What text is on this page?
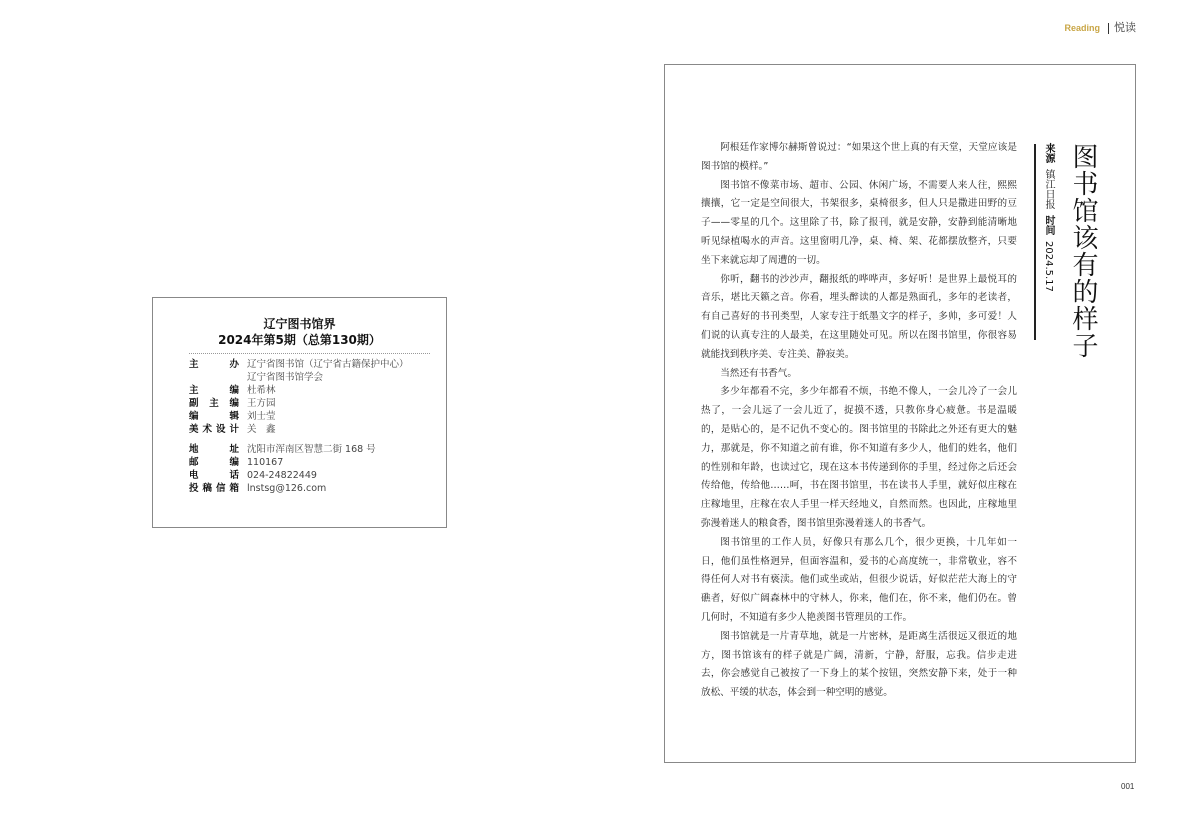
Reading 悦读
辽宁图书馆界
2024年第5期（总第130期）
主　　办 辽宁省图书馆（辽宁省古籍保护中心）
辽宁省图书馆学会
主　　编 杜希林
副主编 王方园
编　　辑 刘士莹
美术设计 关　鑫
地　　址 沈阳市浑南区智慧二街 168 号
邮　　编 110167
电　　话 024-24822449
投稿信箱 lnstsg@126.com

阿根廷作家博尔赫斯曾说过：“如果这个世上真的有天堂，天堂应该是图书馆的模样。”

图书馆不像菜市场、超市、公园、休闲广场，不需要人来人往，熙熙攘攘，它一定是空间很大，书架很多，桌椅很多，但人只是撒进田野的豆子——零星的几个。这里除了书，除了报刊，就是安静，安静到能清晰地听见绿植喝水的声音。这里窗明几净，桌、椅、架、花都摆放整齐，只要坐下来就忘却了周遭的一切。

你听，翻书的沙沙声，翻报纸的哗哗声，多好听！是世界上最悦耳的音乐，堪比天籁之音。你看，埋头醉读的人都是熟面孔，多年的老读者，有自己喜好的书刊类型，人家专注于纸墨文字的样子，多帅，多可爱！人们说的认真专注的人最美，在这里随处可见。所以在图书馆里，你很容易就能找到秩序美、专注美、静寂美。

当然还有书香气。

多少年都看不完，多少年都看不烦，书绝不像人，一会儿冷了一会儿热了，一会儿远了一会儿近了，捉摸不透，只教你身心疲惫。书是温暖的，是贴心的，是不记仇不变心的。图书馆里的书除此之外还有更大的魅力，那就是，你不知道之前有谁，你不知道有多少人，他们的姓名，他们的性别和年龄，也读过它，现在这本书传递到你的手里，经过你之后还会传给他，传给他……呵，书在图书馆里，书在读书人手里，就好似庄稼在庄稼地里，庄稼在农人手里一样天经地义，自然而然。也因此，庄稼地里弥漫着迷人的粮食香，图书馆里弥漫着迷人的书香气。

图书馆里的工作人员，好像只有那么几个，很少更换，十几年如一日，他们虽性格迥异，但面容温和，爱书的心高度统一，非常敬业，容不得任何人对书有亵渎。他们或坐或站，但很少说话，好似茫茫大海上的守礁者，好似广阔森林中的守林人，你来，他们在，你不来，他们仍在。曾几何时，不知道有多少人艳羡图书管理员的工作。

图书馆就是一片青草地，就是一片密林，是距离生活很远又很近的地方，图书馆该有的样子就是广阔，清新，宁静，舒服，忘我。信步走进去，你会感觉自己被按了一下身上的某个按钮，突然安静下来，处于一种放松、平缓的状态，体会到一种空明的感觉。

来源镇江日报时间2024.5.17 图书馆该有的样子
001
